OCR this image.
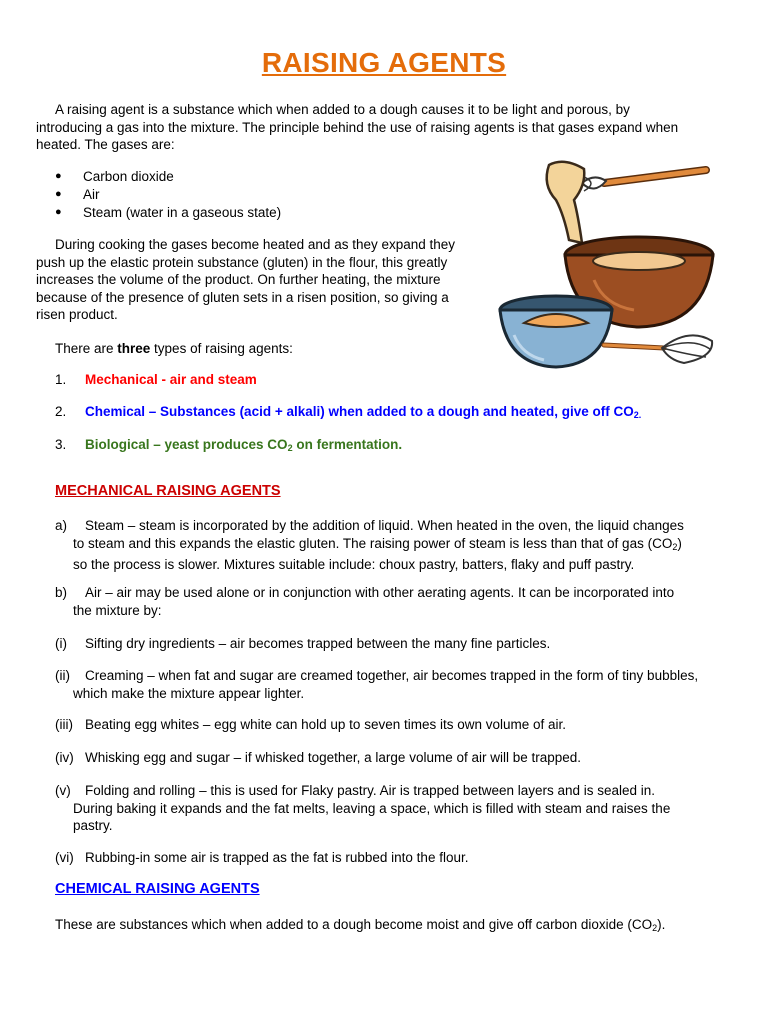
RAISING AGENTS
A raising agent is a substance which when added to a dough causes it to be light and porous, by
introducing a gas into the mixture. The principle behind the use of raising agents is that gases expand when
heated. The gases are:
● Carbon dioxide
● Air
● Steam (water in a gaseous state)
During cooking the gases become heated and as they expand they
push up the elastic protein substance (gluten) in the flour, this greatly
increases the volume of the product. On further heating, the mixture
because of the presence of gluten sets in a risen position, so giving a
risen product.
There are three types of raising agents:
1. Mechanical - air and steam
2. Chemical – Substances (acid + alkali) when added to a dough and heated, give off $CO_{2.}$
3. Biological – yeast produces $CO_2$ on fermentation.
MECHANICAL RAISING AGENTS
a) Steam – steam is incorporated by the addition of liquid. When heated in the oven, the liquid changes
to steam and this expands the elastic gluten. The raising power of steam is less than that of gas $(CO_2)$
so the process is slower. Mixtures suitable include: choux pastry, batters, flaky and puff pastry.
b) Air – air may be used alone or in conjunction with other aerating agents. It can be incorporated into
the mixture by:
(i) Sifting dry ingredients – air becomes trapped between the many fine particles.
(ii) Creaming – when fat and sugar are creamed together, air becomes trapped in the form of tiny bubbles,
which make the mixture appear lighter.
(iii) Beating egg whites – egg white can hold up to seven times its own volume of air.
(iv) Whisking egg and sugar – if whisked together, a large volume of air will be trapped.
(v) Folding and rolling – this is used for Flaky pastry. Air is trapped between layers and is sealed in.
During baking it expands and the fat melts, leaving a space, which is filled with steam and raises the
pastry.
(vi) Rubbing-in some air is trapped as the fat is rubbed into the flour.
CHEMICAL RAISING AGENTS
These are substances which when added to a dough become moist and give off carbon dioxide $(CO_2)$.
